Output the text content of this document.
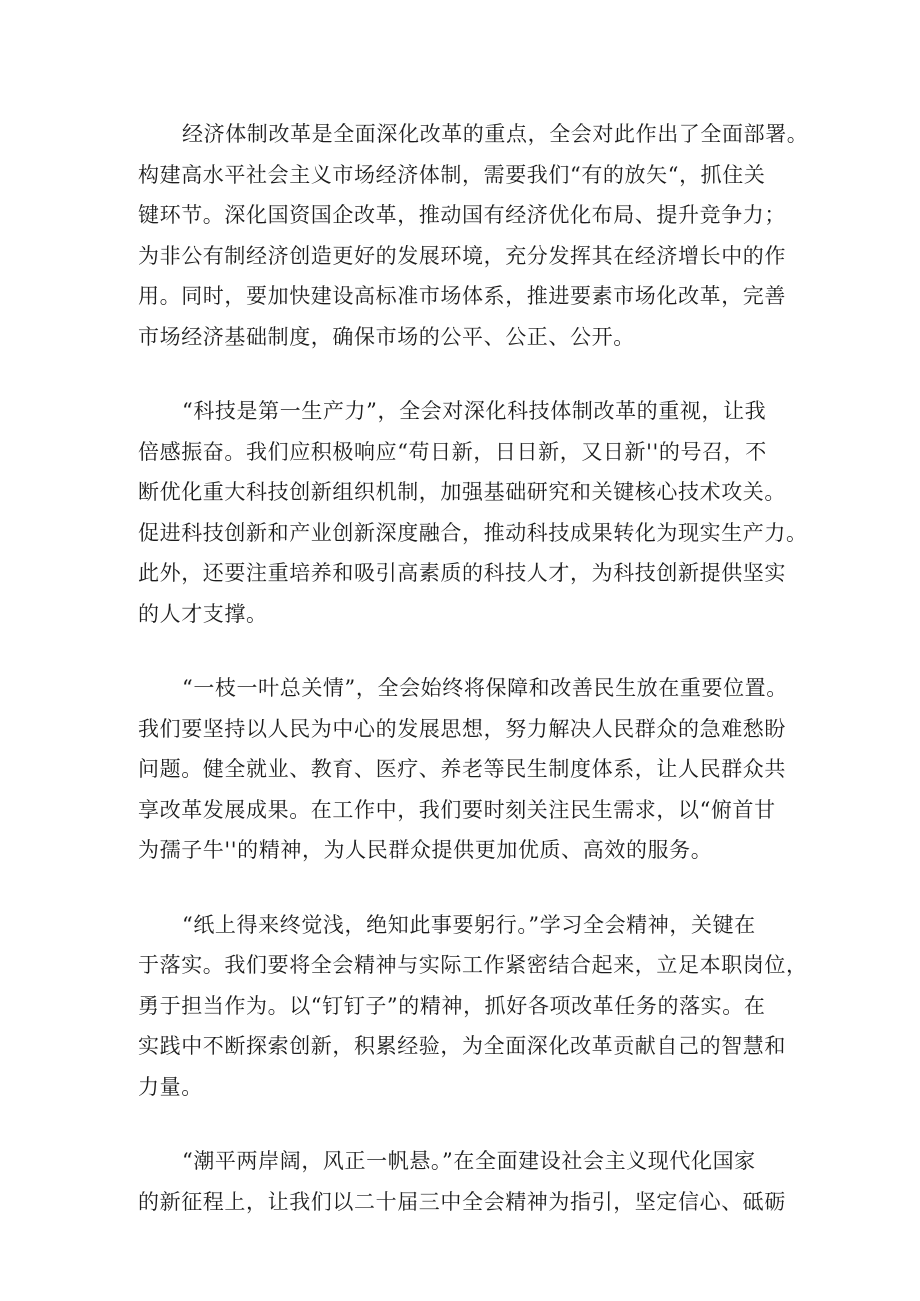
经济体制改革是全面深化改革的重点，全会对此作出了全面部署。
构建高水平社会主义市场经济体制，需要我们“有的放矢“，抓住关
键环节。深化国资国企改革，推动国有经济优化布局、提升竞争力；
为非公有制经济创造更好的发展环境，充分发挥其在经济增长中的作
用。同时，要加快建设高标准市场体系，推进要素市场化改革，完善
市场经济基础制度，确保市场的公平、公正、公开。

“科技是第一生产力”，全会对深化科技体制改革的重视，让我
倍感振奋。我们应积极响应“苟日新，日日新，又日新''的号召，不
断优化重大科技创新组织机制，加强基础研究和关键核心技术攻关。
促进科技创新和产业创新深度融合，推动科技成果转化为现实生产力。
此外，还要注重培养和吸引高素质的科技人才，为科技创新提供坚实
的人才支撑。

“一枝一叶总关情”，全会始终将保障和改善民生放在重要位置。
我们要坚持以人民为中心的发展思想，努力解决人民群众的急难愁盼
问题。健全就业、教育、医疗、养老等民生制度体系，让人民群众共
享改革发展成果。在工作中，我们要时刻关注民生需求，以“俯首甘
为孺子牛''的精神，为人民群众提供更加优质、高效的服务。

“纸上得来终觉浅，绝知此事要躬行。”学习全会精神，关键在
于落实。我们要将全会精神与实际工作紧密结合起来，立足本职岗位，
勇于担当作为。以“钉钉子”的精神，抓好各项改革任务的落实。在
实践中不断探索创新，积累经验，为全面深化改革贡献自己的智慧和
力量。

“潮平两岸阔，风正一帆悬。”在全面建设社会主义现代化国家
的新征程上，让我们以二十届三中全会精神为指引，坚定信心、砥砺
